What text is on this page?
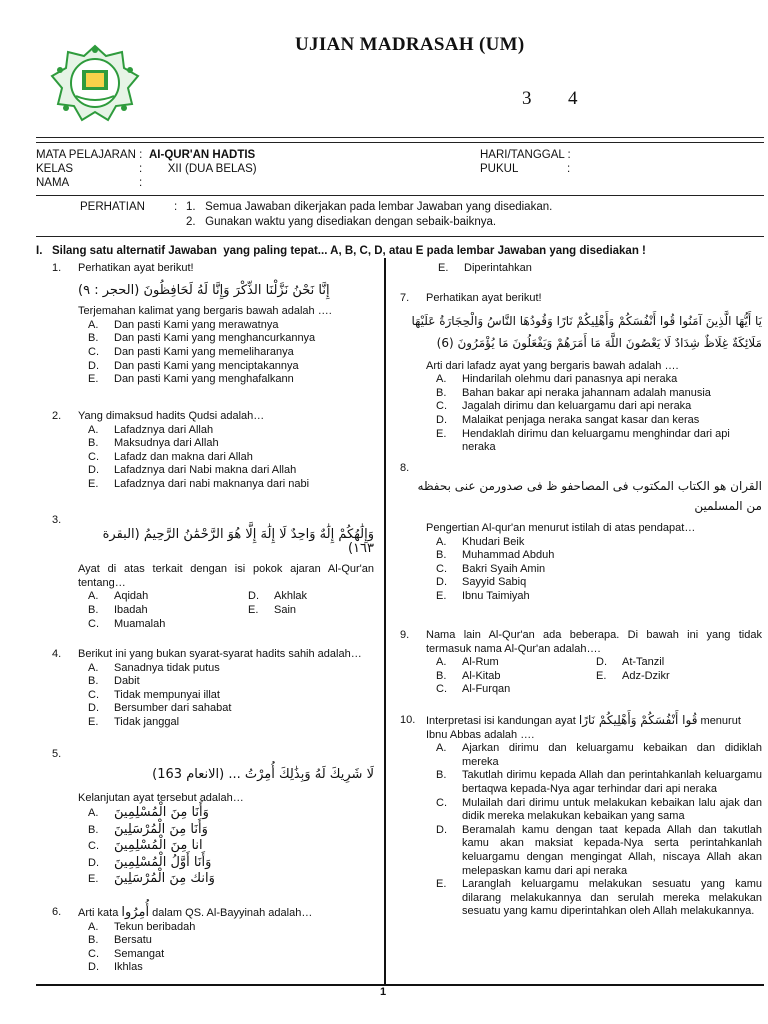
UJIAN MADRASAH (UM)
3 4
MATA PELAJARAN : AI-QUR'AN HADTIS
KELAS	:        XII (DUA BELAS)
NAMA	:
HARI/TANGGAL :
PUKUL	:
PERHATIAN	: 1.   Semua Jawaban dikerjakan pada lembar Jawaban yang disediakan.
2.   Gunakan waktu yang disediakan dengan sebaik-baiknya.
I.   Silang satu alternatif Jawaban  yang paling tepat... A, B, C, D, atau E pada lembar Jawaban yang disediakan !
1. Perhatikan ayat berikut!
إِنَّا نَحْنُ نَزَّلْنَا الذِّكْرَ وَإِنَّا لَهُ لَحَافِظُونَ (الحجر : ٩)
Terjemahan kalimat yang bergaris bawah adalah ….
A.	Dan pasti Kami yang merawatnya
B.	Dan pasti Kami yang menghancurkannya
C.	Dan pasti Kami yang memeliharanya
D.	Dan pasti Kami yang menciptakannya
E.	Dan pasti Kami yang menghafalkann
2. Yang dimaksud hadits Qudsi adalah…
A.	Lafadznya dari Allah
B.	Maksudnya dari Allah
C.	Lafadz dan makna dari Allah
D.	Lafadznya dari Nabi makna dari Allah
E.	Lafadznya dari nabi maknanya dari nabi
3.
وَإِلَٰهُكُمْ إِلَٰهٌ وَاحِدٌ لَا إِلَٰهَ إِلَّا هُوَ الرَّحْمَٰنُ الرَّحِيمُ (البقرة ١٦٣)
Ayat di atas terkait dengan isi pokok ajaran Al-Qur'an tentang…
A.	Aqidah	D.	Akhlak
B.	Ibadah	E.	Sain
C.	Muamalah
4. Berikut ini yang bukan syarat-syarat hadits sahih adalah…
A.	Sanadnya tidak putus
B.	Dabit
C.	Tidak mempunyai illat
D.	Bersumber dari sahabat
E.	Tidak janggal
5.
لَا شَرِيكَ لَهُ وَبِذَٰلِكَ أُمِرْتُ ... (الانعام 163)
Kelanjutan ayat tersebut adalah…
A.	وَأَنَا مِنَ الْمُسْلِمِينَ
B.	وَأَنَا مِنَ الْمُرْسَلِينَ
C.	انا مِنَ الْمُسْلِمِينَ
D.	وَأَنَا أَوَّلُ الْمُسْلِمِينَ
E.	وَانك مِنَ الْمُرْسَلِينَ
6. Arti kata أُمِرُوا dalam QS. Al-Bayyinah adalah…
A.	Tekun beribadah
B.	Bersatu
C.	Semangat
D.	Ikhlas
E.	Diperintahkan
7. Perhatikan ayat berikut!
يَا أَيُّهَا الَّذِينَ آمَنُوا قُوا أَنْفُسَكُمْ وَأَهْلِيكُمْ نَارًا وَقُودُهَا النَّاسُ وَالْحِجَارَةُ عَلَيْهَا
مَلَائِكَةٌ غِلَاظٌ شِدَادٌ لَا يَعْصُونَ اللَّهَ مَا أَمَرَهُمْ وَيَفْعَلُونَ مَا يُؤْمَرُونَ (6)
Arti dari lafadz ayat yang bergaris bawah adalah ….
A.	Hindarilah olehmu dari panasnya api neraka
B.	Bahan bakar api neraka jahannam adalah manusia
C.	Jagalah dirimu dan keluargamu dari api neraka
D.	Malaikat penjaga neraka sangat kasar dan keras
E.	Hendaklah dirimu dan keluargamu menghindar dari api neraka
8.
القران هو الكتاب المكتوب فى المصاحفو ظ فى صدورمن عنى بحفظه
من المسلمين
Pengertian Al-qur'an menurut istilah di atas pendapat…
A.	Khudari Beik
B.	Muhammad Abduh
C.	Bakri Syaih Amin
D.	Sayyid Sabiq
E.	Ibnu Taimiyah
9. Nama lain Al-Qur'an ada beberapa. Di bawah ini yang tidak termasuk nama Al-Qur'an adalah….
A.	Al-Rum	D.	At-Tanzil
B.	Al-Kitab	E.	Adz-Dzikr
C.	Al-Furqan
10. Interpretasi isi kandungan ayat قُوا أَنْفُسَكُمْ وَأَهْلِيكُمْ نَارًا menurut Ibnu Abbas adalah ….
A.	Ajarkan dirimu dan keluargamu kebaikan dan didiklah mereka
B.	Takutlah dirimu kepada Allah dan perintahkanlah keluargamu bertaqwa kepada-Nya agar terhindar dari api neraka
C.	Mulailah dari dirimu untuk melakukan kebaikan lalu ajak dan didik mereka melakukan kebaikan yang sama
D.	Beramalah kamu dengan taat kepada Allah dan takutlah kamu akan maksiat kepada-Nya serta perintahkanlah keluargamu dengan mengingat Allah, niscaya Allah akan melepaskan kamu dari api neraka
E.	Laranglah keluargamu melakukan sesuatu yang kamu dilarang melakukannya dan serulah mereka melakukan sesuatu yang kamu diperintahkan oleh Allah melakukannya.
1
